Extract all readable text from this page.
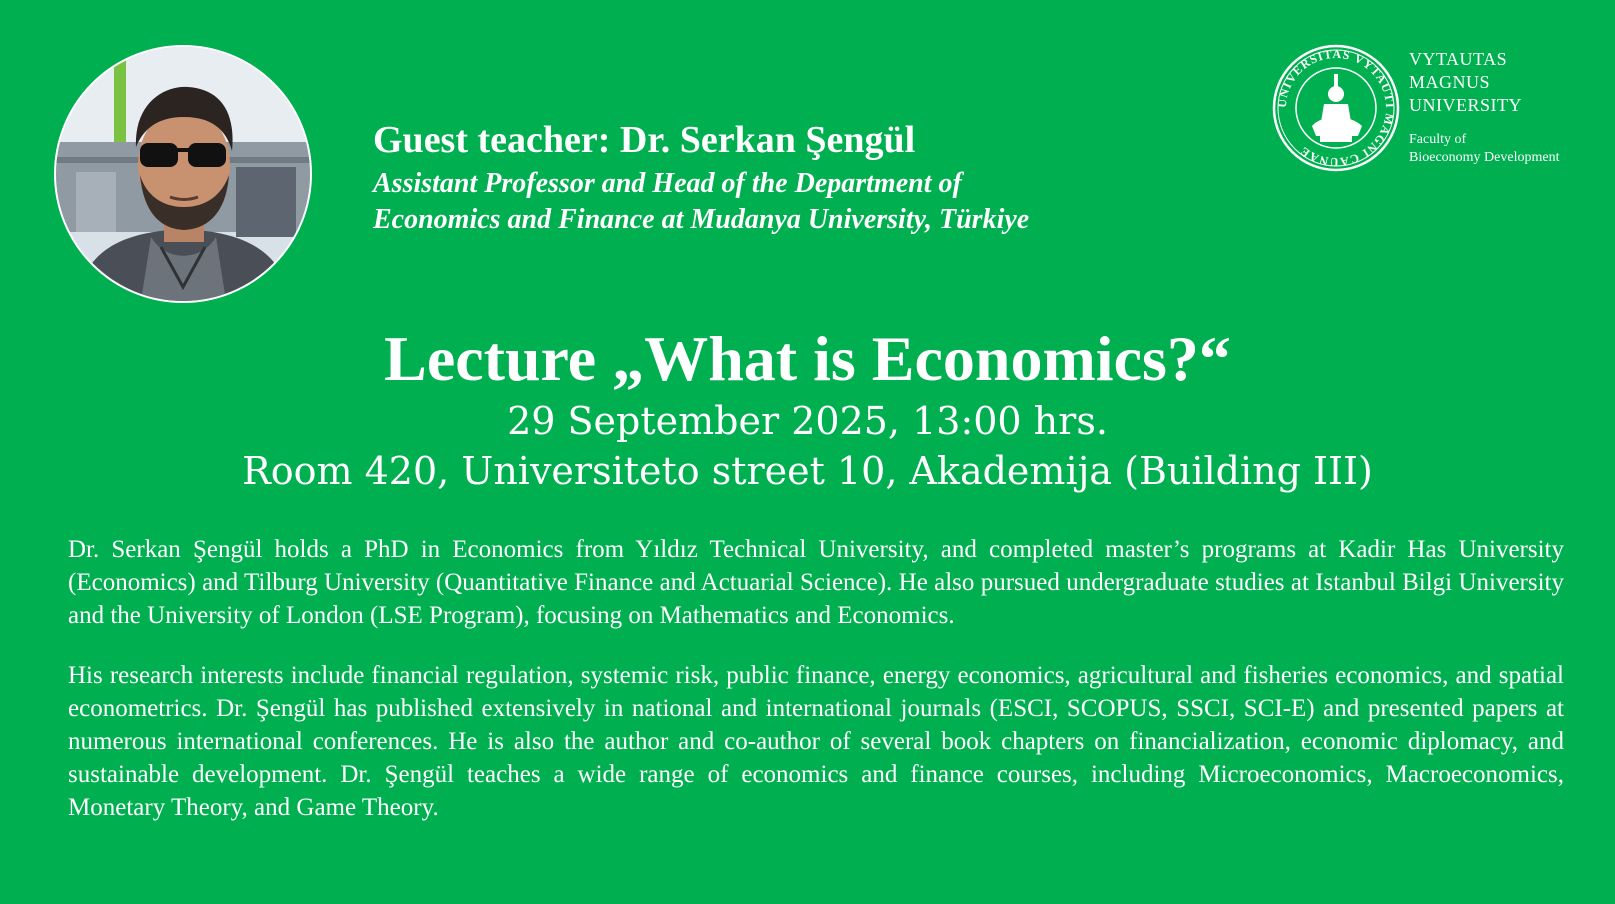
Guest teacher: Dr. Serkan Şengül

Assistant Professor and Head of the Department of
Economics and Finance at Mudanya University, Türkiye

UNIVERSITAS VYTAUTI MAGNI CAUNAE

VYTAUTAS
MAGNUS
UNIVERSITY

Faculty of
Bioeconomy Development

Lecture „What is Economics?“

29 September 2025, 13:00 hrs.

Room 420, Universiteto street 10, Akademija (Building III)

Dr. Serkan Şengül holds a PhD in Economics from Yıldız Technical University, and completed master’s programs at Kadir Has University (Economics) and Tilburg University (Quantitative Finance and Actuarial Science). He also pursued undergraduate studies at Istanbul Bilgi University and the University of London (LSE Program), focusing on Mathematics and Economics.

His research interests include financial regulation, systemic risk, public finance, energy economics, agricultural and fisheries economics, and spatial econometrics. Dr. Şengül has published extensively in national and international journals (ESCI, SCOPUS, SSCI, SCI-E) and presented papers at numerous international conferences. He is also the author and co-author of several book chapters on financialization, economic diplomacy, and sustainable development. Dr. Şengül teaches a wide range of economics and finance courses, including Microeconomics, Macroeconomics, Monetary Theory, and Game Theory.
